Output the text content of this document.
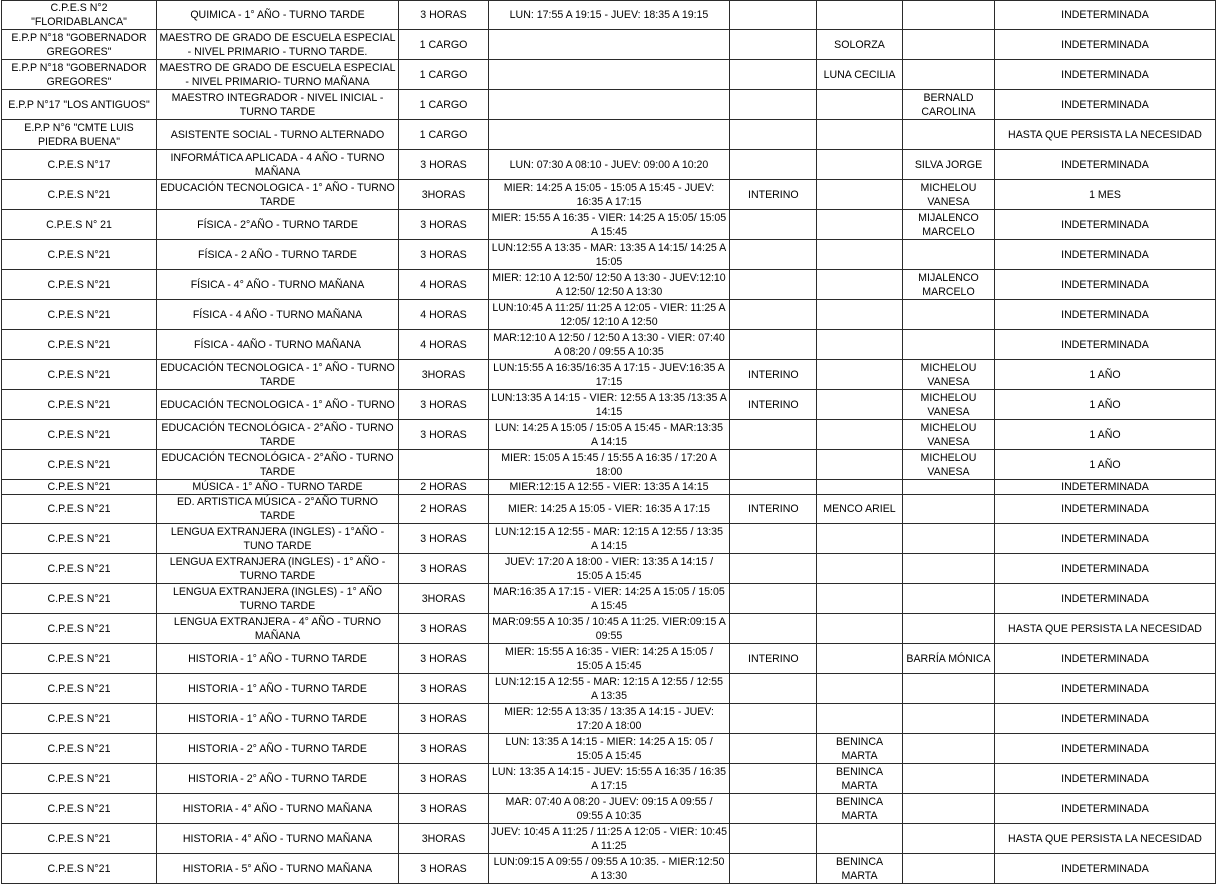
C.P.E.S N°2 "FLORIDABLANCA"	QUIMICA - 1° AÑO - TURNO TARDE	3 HORAS	LUN: 17:55 A 19:15 - JUEV: 18:35 A 19:15				INDETERMINADA
E.P.P N°18 "GOBERNADOR GREGORES"	MAESTRO DE GRADO DE ESCUELA ESPECIAL - NIVEL PRIMARIO - TURNO TARDE.	1 CARGO			SOLORZA		INDETERMINADA
E.P.P N°18 "GOBERNADOR GREGORES"	MAESTRO DE GRADO DE ESCUELA ESPECIAL - NIVEL PRIMARIO- TURNO MAÑANA	1 CARGO			LUNA CECILIA		INDETERMINADA
E.P.P N°17 "LOS ANTIGUOS"	MAESTRO INTEGRADOR - NIVEL INICIAL - TURNO TARDE	1 CARGO				BERNALD CAROLINA	INDETERMINADA
E.P.P N°6 "CMTE LUIS PIEDRA BUENA"	ASISTENTE SOCIAL - TURNO ALTERNADO	1 CARGO					HASTA QUE PERSISTA LA NECESIDAD
C.P.E.S N°17	INFORMÁTICA APLICADA - 4 AÑO - TURNO MAÑANA	3 HORAS	LUN: 07:30 A 08:10 - JUEV: 09:00 A 10:20			SILVA JORGE	INDETERMINADA
C.P.E.S N°21	EDUCACIÓN TECNOLOGICA - 1° AÑO - TURNO TARDE	3HORAS	MIER: 14:25 A 15:05 - 15:05 A 15:45 - JUEV: 16:35 A 17:15	INTERINO		MICHELOU VANESA	1 MES
C.P.E.S N° 21	FÍSICA - 2°AÑO - TURNO TARDE	3 HORAS	MIER: 15:55 A 16:35 - VIER: 14:25 A 15:05/ 15:05 A 15:45			MIJALENCO MARCELO	INDETERMINADA
C.P.E.S N°21	FÍSICA - 2 AÑO - TURNO TARDE	3 HORAS	LUN:12:55 A 13:35 - MAR: 13:35 A 14:15/ 14:25 A 15:05				INDETERMINADA
C.P.E.S N°21	FÍSICA - 4° AÑO - TURNO MAÑANA	4 HORAS	MIER: 12:10 A 12:50/ 12:50 A 13:30 - JUEV:12:10 A 12:50/ 12:50 A 13:30			MIJALENCO MARCELO	INDETERMINADA
C.P.E.S N°21	FÍSICA - 4 AÑO - TURNO MAÑANA	4 HORAS	LUN:10:45 A 11:25/ 11:25 A 12:05 - VIER: 11:25 A 12:05/ 12:10 A 12:50				INDETERMINADA
C.P.E.S N°21	FÍSICA - 4AÑO - TURNO MAÑANA	4 HORAS	MAR:12:10 A 12:50 / 12:50 A 13:30 - VIER: 07:40 A 08:20 / 09:55 A 10:35				INDETERMINADA
C.P.E.S N°21	EDUCACIÓN TECNOLOGICA - 1° AÑO - TURNO TARDE	3HORAS	LUN:15:55 A 16:35/16:35 A 17:15 - JUEV:16:35 A 17:15	INTERINO		MICHELOU VANESA	1 AÑO
C.P.E.S N°21	EDUCACIÓN TECNOLOGICA - 1° AÑO - TURNO	3 HORAS	LUN:13:35 A 14:15 - VIER: 12:55 A 13:35 /13:35 A 14:15	INTERINO		MICHELOU VANESA	1 AÑO
C.P.E.S N°21	EDUCACIÓN TECNOLÓGICA - 2°AÑO - TURNO TARDE	3 HORAS	LUN: 14:25 A 15:05 / 15:05 A 15:45 - MAR:13:35 A 14:15			MICHELOU VANESA	1 AÑO
C.P.E.S N°21	EDUCACIÓN TECNOLÓGICA - 2°AÑO - TURNO TARDE		MIER: 15:05 A 15:45 / 15:55 A 16:35 / 17:20 A 18:00			MICHELOU VANESA	1 AÑO
C.P.E.S N°21	MÚSICA - 1° AÑO - TURNO TARDE	2 HORAS	MIER:12:15 A 12:55 - VIER: 13:35 A 14:15				INDETERMINADA
C.P.E.S N°21	ED. ARTISTICA MÚSICA - 2°AÑO TURNO TARDE	2 HORAS	MIER: 14:25 A 15:05 - VIER: 16:35 A 17:15	INTERINO	MENCO ARIEL		INDETERMINADA
C.P.E.S N°21	LENGUA EXTRANJERA (INGLES) - 1°AÑO - TUNO TARDE	3 HORAS	LUN:12:15 A 12:55 - MAR: 12:15 A 12:55 / 13:35 A 14:15				INDETERMINADA
C.P.E.S N°21	LENGUA EXTRANJERA (INGLES) - 1° AÑO - TURNO TARDE	3 HORAS	JUEV: 17:20 A 18:00 - VIER: 13:35 A 14:15 / 15:05 A 15:45				INDETERMINADA
C.P.E.S N°21	LENGUA EXTRANJERA (INGLES) - 1° AÑO TURNO TARDE	3HORAS	MAR:16:35 A 17:15 - VIER: 14:25 A 15:05 / 15:05 A 15:45				INDETERMINADA
C.P.E.S N°21	LENGUA EXTRANJERA - 4° AÑO - TURNO MAÑANA	3 HORAS	MAR:09:55 A 10:35 / 10:45 A 11:25. VIER:09:15 A 09:55				HASTA QUE PERSISTA LA NECESIDAD
C.P.E.S N°21	HISTORIA - 1° AÑO - TURNO TARDE	3 HORAS	MIER: 15:55 A 16:35 - VIER: 14:25 A 15:05 / 15:05 A 15:45	INTERINO		BARRÍA MÓNICA	INDETERMINADA
C.P.E.S N°21	HISTORIA - 1° AÑO - TURNO TARDE	3 HORAS	LUN:12:15 A 12:55 - MAR: 12:15 A 12:55 / 12:55 A 13:35				INDETERMINADA
C.P.E.S N°21	HISTORIA - 1° AÑO - TURNO TARDE	3 HORAS	MIER: 12:55 A 13:35 / 13:35 A 14:15 - JUEV: 17:20 A 18:00				INDETERMINADA
C.P.E.S N°21	HISTORIA - 2° AÑO - TURNO TARDE	3 HORAS	LUN: 13:35 A 14:15 - MIER: 14:25 A 15: 05 / 15:05 A 15:45		BENINCA MARTA		INDETERMINADA
C.P.E.S N°21	HISTORIA - 2° AÑO - TURNO TARDE	3 HORAS	LUN: 13:35 A 14:15 - JUEV: 15:55 A 16:35 / 16:35 A 17:15		BENINCA MARTA		INDETERMINADA
C.P.E.S N°21	HISTORIA - 4° AÑO - TURNO MAÑANA	3 HORAS	MAR: 07:40 A 08:20 - JUEV: 09:15 A 09:55 / 09:55 A 10:35		BENINCA MARTA		INDETERMINADA
C.P.E.S N°21	HISTORIA - 4° AÑO - TURNO MAÑANA	3HORAS	JUEV: 10:45 A 11:25 / 11:25 A 12:05 - VIER: 10:45 A 11:25				HASTA QUE PERSISTA LA NECESIDAD
C.P.E.S N°21	HISTORIA - 5° AÑO - TURNO MAÑANA	3 HORAS	LUN:09:15 A 09:55 / 09:55 A 10:35. - MIER:12:50 A 13:30		BENINCA MARTA		INDETERMINADA
